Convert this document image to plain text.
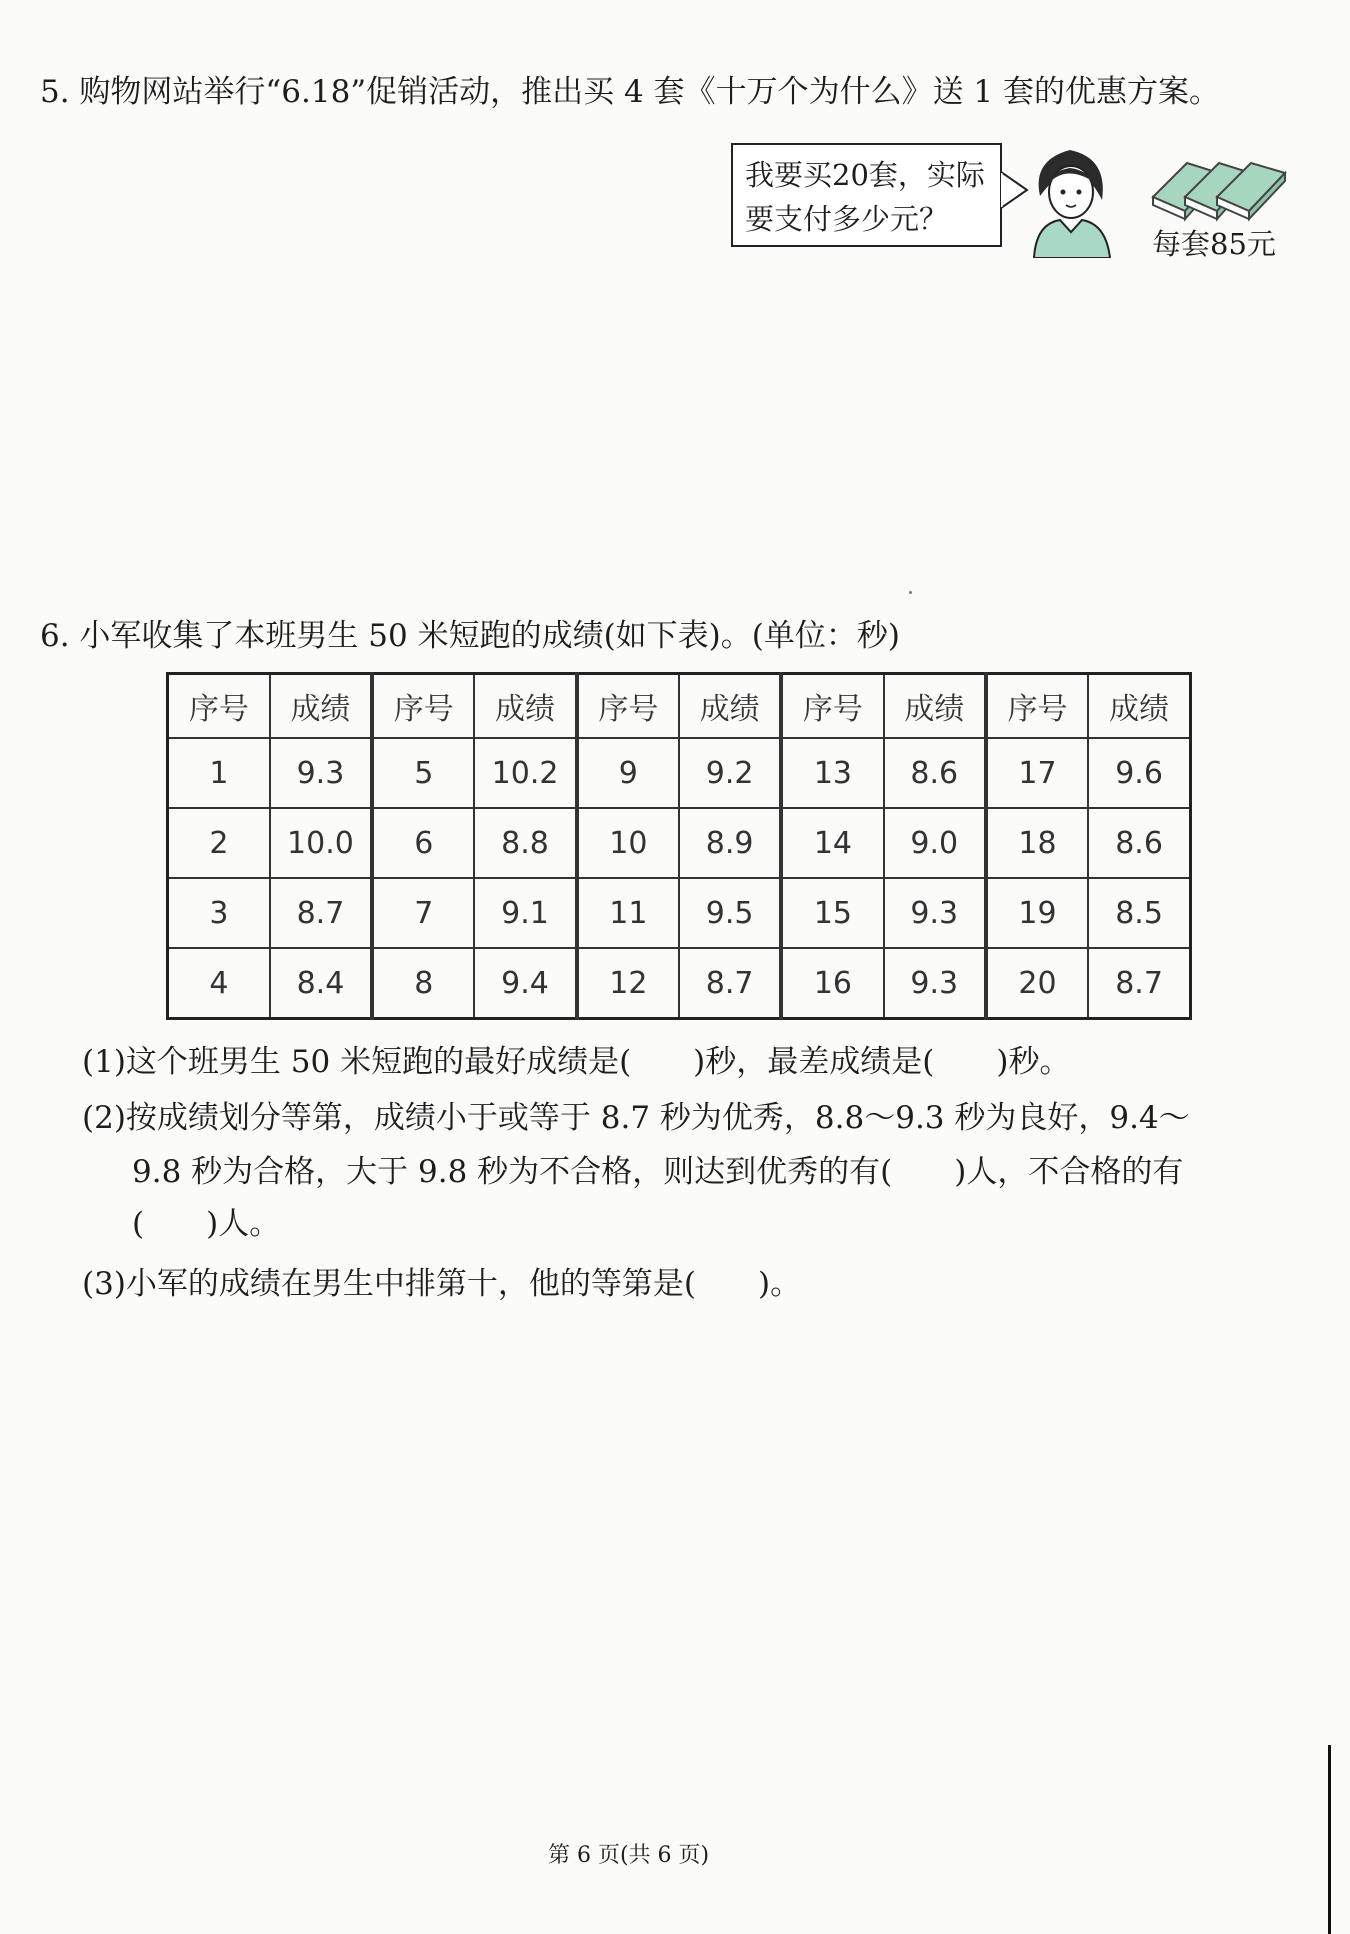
5. 购物网站举行“6.18”促销活动，推出买 4 套《十万个为什么》送 1 套的优惠方案。
我要买20套，实际
要支付多少元？
每套85元
6. 小军收集了本班男生 50 米短跑的成绩(如下表)。(单位：秒)
序号	成绩	序号	成绩	序号	成绩	序号	成绩	序号	成绩
1	9.3	5	10.2	9	9.2	13	8.6	17	9.6
2	10.0	6	8.8	10	8.9	14	9.0	18	8.6
3	8.7	7	9.1	11	9.5	15	9.3	19	8.5
4	8.4	8	9.4	12	8.7	16	9.3	20	8.7
(1)这个班男生 50 米短跑的最好成绩是(　　)秒，最差成绩是(　　)秒。
(2)按成绩划分等第，成绩小于或等于 8.7 秒为优秀，8.8～9.3 秒为良好，9.4～
9.8 秒为合格，大于 9.8 秒为不合格，则达到优秀的有(　　)人，不合格的有
(　　)人。
(3)小军的成绩在男生中排第十，他的等第是(　　)。
第 6 页(共 6 页)
